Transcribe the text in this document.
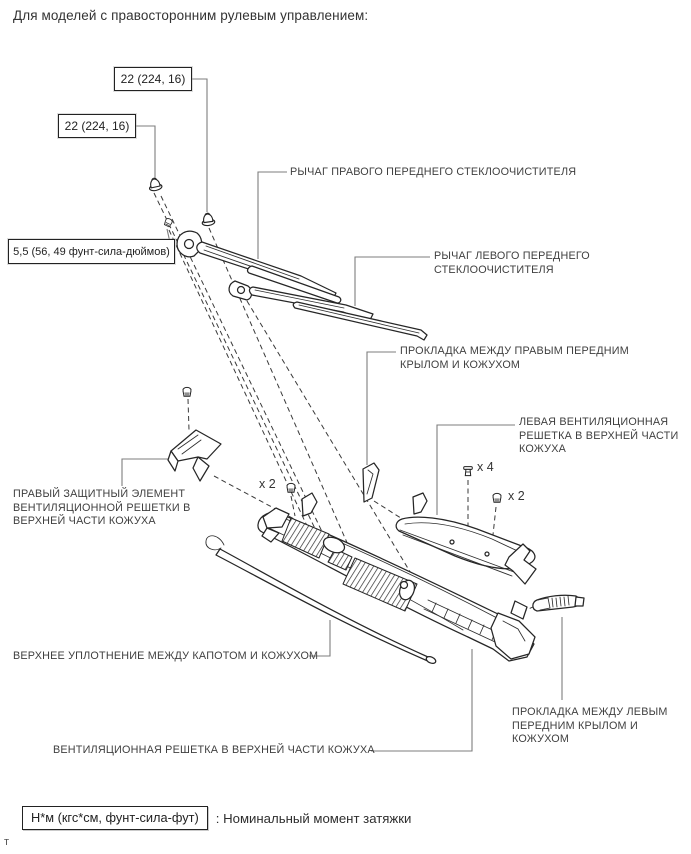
Для моделей с правосторонним рулевым управлением:
22 (224, 16)
22 (224, 16)
5,5 (56, 49 фунт-сила-дюймов)
РЫЧАГ ПРАВОГО ПЕРЕДНЕГО СТЕКЛООЧИСТИТЕЛЯ
РЫЧАГ ЛЕВОГО ПЕРЕДНЕГО
СТЕКЛООЧИСТИТЕЛЯ
ПРОКЛАДКА МЕЖДУ ПРАВЫМ ПЕРЕДНИМ
КРЫЛОМ И КОЖУХОМ
ЛЕВАЯ ВЕНТИЛЯЦИОННАЯ
РЕШЕТКА В ВЕРХНЕЙ ЧАСТИ
КОЖУХА
ПРАВЫЙ ЗАЩИТНЫЙ ЭЛЕМЕНТ
ВЕНТИЛЯЦИОННОЙ РЕШЕТКИ В
ВЕРХНЕЙ ЧАСТИ КОЖУХА
ВЕРХНЕЕ УПЛОТНЕНИЕ МЕЖДУ КАПОТОМ И КОЖУХОМ
ВЕНТИЛЯЦИОННАЯ РЕШЕТКА В ВЕРХНЕЙ ЧАСТИ КОЖУХА
ПРОКЛАДКА МЕЖДУ ЛЕВЫМ
ПЕРЕДНИМ КРЫЛОМ И
КОЖУХОМ
x 2
x 4
x 2
Н*м (кгс*см, фунт-сила-фут)	: Номинальный момент затяжки
т
